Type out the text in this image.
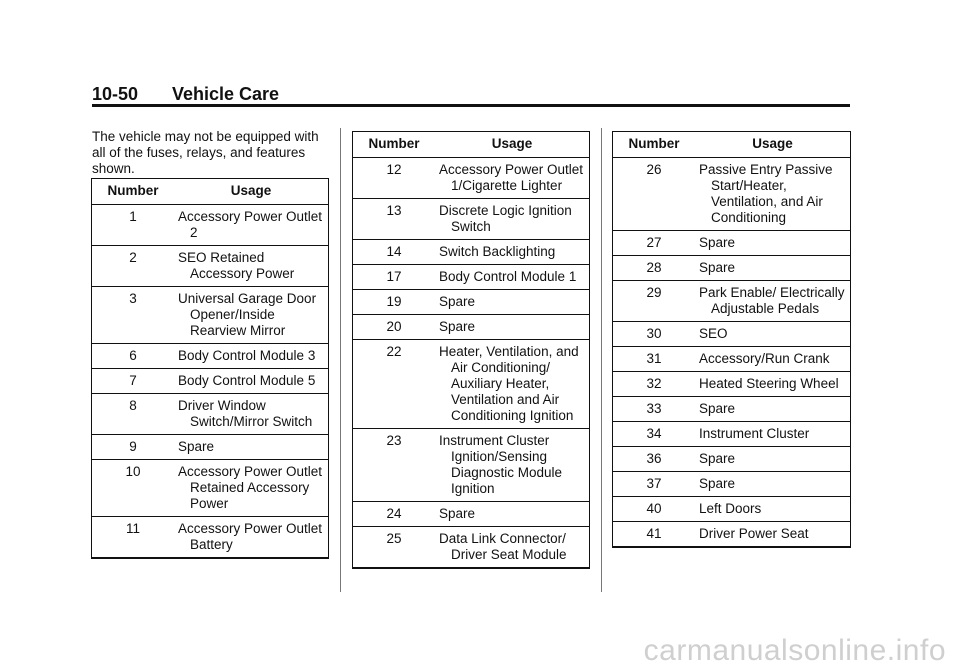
10-50 Vehicle Care
The vehicle may not be equipped with all of the fuses, relays, and features shown.
Number	Usage
1	Accessory Power Outlet 2

2	SEO Retained Accessory Power

3	Universal Garage Door Opener/Inside Rearview Mirror

6	Body Control Module 3

7	Body Control Module 5

8	Driver Window Switch/Mirror Switch

9	Spare

10	Accessory Power Outlet Retained Accessory Power

11	Accessory Power Outlet Battery
Number	Usage
12	Accessory Power Outlet 1/Cigarette Lighter

13	Discrete Logic Ignition Switch

14	Switch Backlighting

17	Body Control Module 1

19	Spare

20	Spare

22	Heater, Ventilation, and Air Conditioning/ Auxiliary Heater, Ventilation and Air Conditioning Ignition

23	Instrument Cluster Ignition/Sensing Diagnostic Module Ignition

24	Spare

25	Data Link Connector/ Driver Seat Module
Number	Usage
26	Passive Entry Passive Start/Heater, Ventilation, and Air Conditioning

27	Spare

28	Spare

29	Park Enable/ Electrically Adjustable Pedals

30	SEO

31	Accessory/Run Crank

32	Heated Steering Wheel

33	Spare

34	Instrument Cluster

36	Spare

37	Spare

40	Left Doors

41	Driver Power Seat
carmanualsonline.info
